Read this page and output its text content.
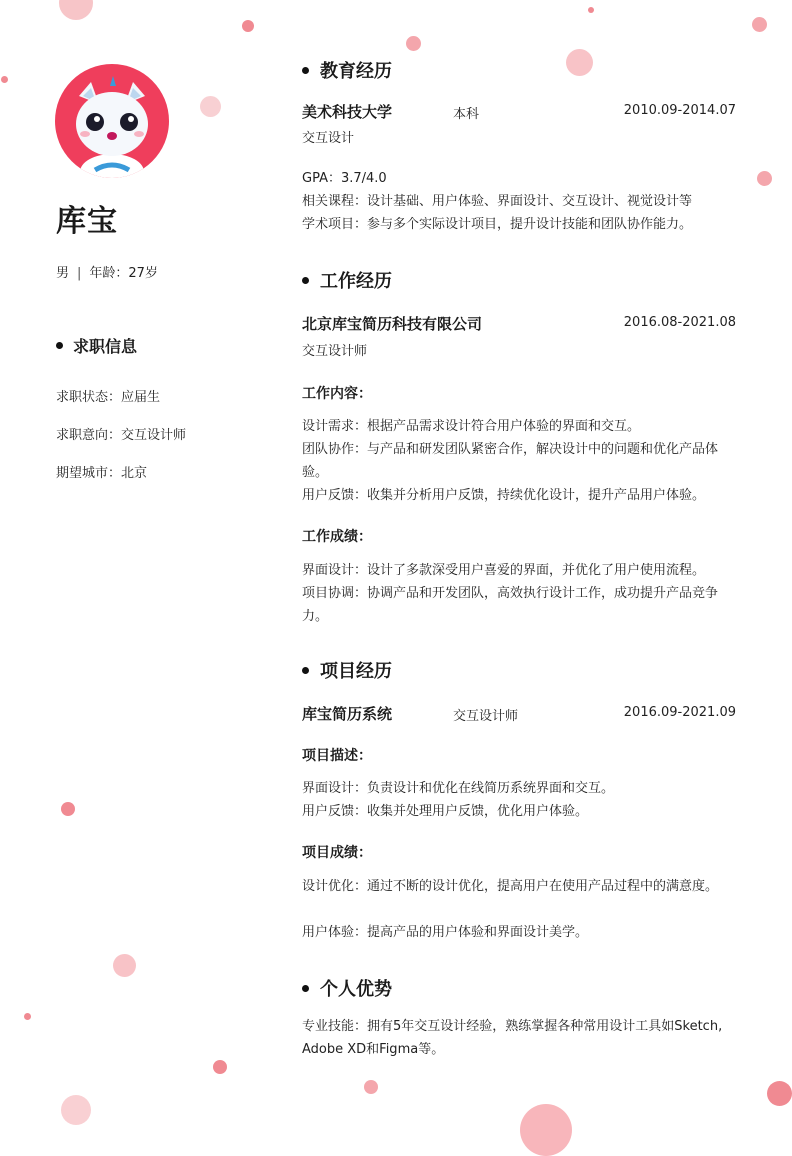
库宝
男 | 年龄：27岁
求职信息
求职状态：应届生
求职意向：交互设计师
期望城市：北京
教育经历
美术科技大学	本科	2010.09-2014.07
交互设计
GPA：3.7/4.0
相关课程：设计基础、用户体验、界面设计、交互设计、视觉设计等
学术项目：参与多个实际设计项目，提升设计技能和团队协作能力。
工作经历
北京库宝简历科技有限公司	2016.08-2021.08
交互设计师
工作内容：
设计需求：根据产品需求设计符合用户体验的界面和交互。
团队协作：与产品和研发团队紧密合作，解决设计中的问题和优化产品体验。
用户反馈：收集并分析用户反馈，持续优化设计，提升产品用户体验。
工作成绩：
界面设计：设计了多款深受用户喜爱的界面，并优化了用户使用流程。
项目协调：协调产品和开发团队，高效执行设计工作，成功提升产品竞争力。
项目经历
库宝简历系统	交互设计师	2016.09-2021.09
项目描述：
界面设计：负责设计和优化在线简历系统界面和交互。
用户反馈：收集并处理用户反馈，优化用户体验。
项目成绩：
设计优化：通过不断的设计优化，提高用户在使用产品过程中的满意度。
用户体验：提高产品的用户体验和界面设计美学。
个人优势
专业技能：拥有5年交互设计经验，熟练掌握各种常用设计工具如Sketch, Adobe XD和Figma等。
